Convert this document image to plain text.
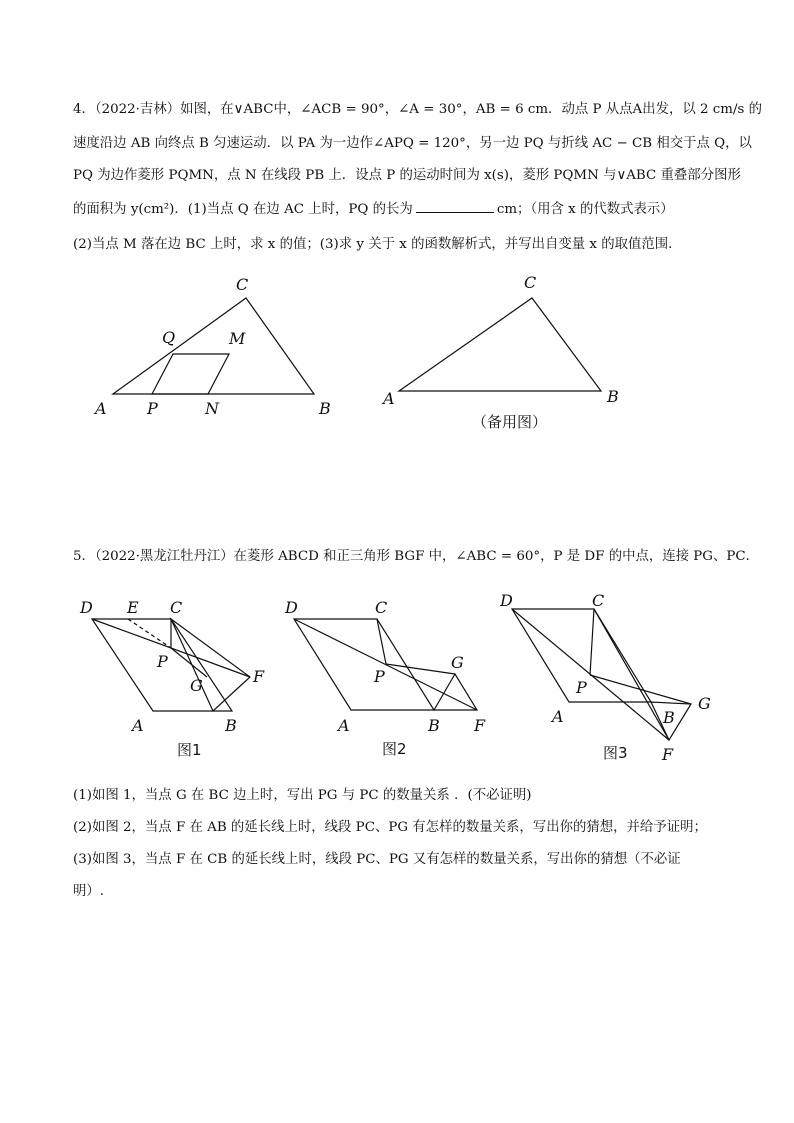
4．（2022·吉林）如图，在∨ABC中，∠ACB = 90°，∠A = 30°，AB = 6 cm．动点 P 从点A出发，以 2 cm/s 的
速度沿边 AB 向终点 B 匀速运动．以 PA 为一边作∠APQ = 120°，另一边 PQ 与折线 AC − CB 相交于点 Q，以
PQ 为边作菱形 PQMN，点 N 在线段 PB 上．设点 P 的运动时间为 x(s)，菱形 PQMN 与∨ABC 重叠部分图形
的面积为 y(cm²)．(1)当点 Q 在边 AC 上时，PQ 的长为	cm；（用含 x 的代数式表示）
(2)当点 M 落在边 BC 上时，求 x 的值；(3)求 y 关于 x 的函数解析式，并写出自变量 x 的取值范围．
C
Q	M
A	P	N	B
C
A	B
（备用图）
5．（2022·黑龙江牡丹江）在菱形 ABCD 和正三角形 BGF 中，∠ABC = 60°，P 是 DF 的中点，连接 PG、PC．
D E C
P
G	F
A	B
图1
D	C
P
G
A	B F
图2
D	C
P
A	B
G
F
图3
(1)如图 1，当点 G 在 BC 边上时，写出 PG 与 PC 的数量关系 ．(不必证明)
(2)如图 2，当点 F 在 AB 的延长线上时，线段 PC、PG 有怎样的数量关系，写出你的猜想，并给予证明；
(3)如图 3，当点 F 在 CB 的延长线上时，线段 PC、PG 又有怎样的数量关系，写出你的猜想（不必证
明）.
